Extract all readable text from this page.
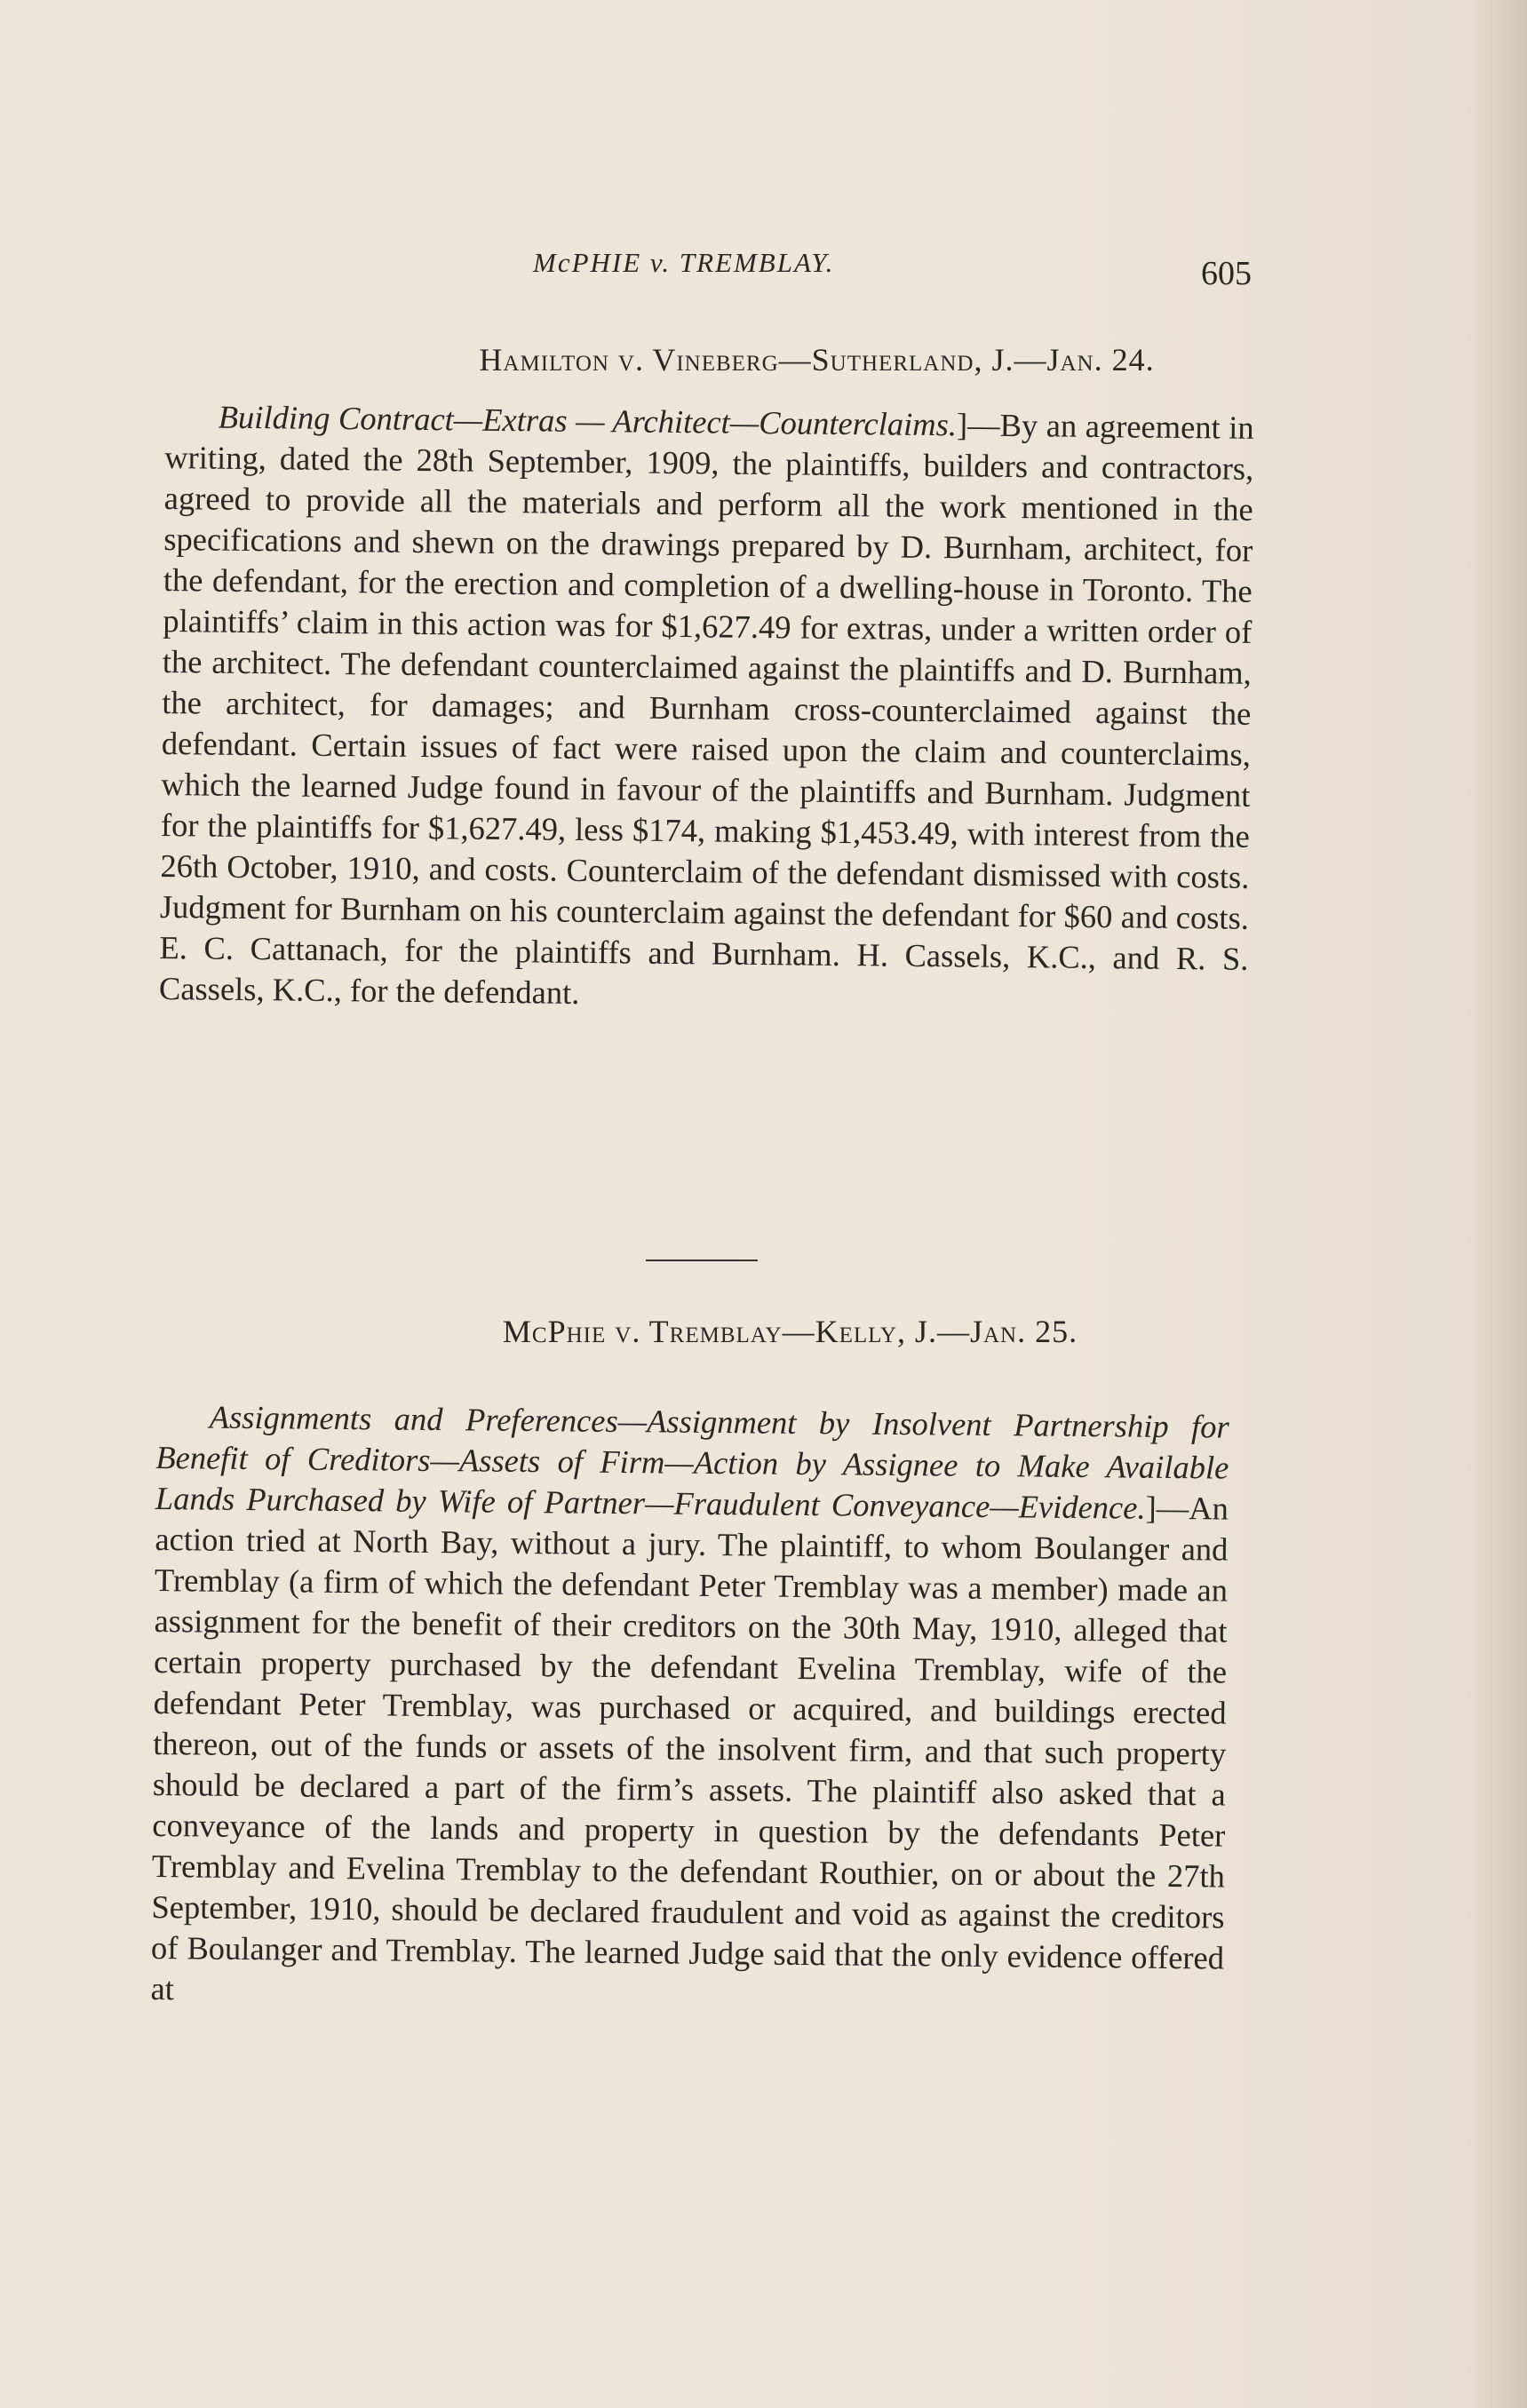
McPHIE v. TREMBLAY.	605
Hamilton v. Vineberg—Sutherland, J.—Jan. 24.

Building Contract—Extras — Architect—Counterclaims.]—By an agreement in writing, dated the 28th September, 1909, the plaintiffs, builders and contractors, agreed to provide all the materials and perform all the work mentioned in the specifications and shewn on the drawings prepared by D. Burnham, architect, for the defendant, for the erection and completion of a dwelling-house in Toronto. The plaintiffs’ claim in this action was for $1,627.49 for extras, under a written order of the architect. The defendant counterclaimed against the plaintiffs and D. Burnham, the architect, for damages; and Burnham cross-counterclaimed against the defendant. Certain issues of fact were raised upon the claim and counterclaims, which the learned Judge found in favour of the plaintiffs and Burnham. Judgment for the plaintiffs for $1,627.49, less $174, making $1,453.49, with interest from the 26th October, 1910, and costs. Counterclaim of the defendant dismissed with costs. Judgment for Burnham on his counterclaim against the defendant for $60 and costs. E. C. Cattanach, for the plaintiffs and Burnham. H. Cassels, K.C., and R. S. Cassels, K.C., for the defendant.

McPhie v. Tremblay—Kelly, J.—Jan. 25.

Assignments and Preferences—Assignment by Insolvent Partnership for Benefit of Creditors—Assets of Firm—Action by Assignee to Make Available Lands Purchased by Wife of Partner—Fraudulent Conveyance—Evidence.]—An action tried at North Bay, without a jury. The plaintiff, to whom Boulanger and Tremblay (a firm of which the defendant Peter Tremblay was a member) made an assignment for the benefit of their creditors on the 30th May, 1910, alleged that certain property purchased by the defendant Evelina Tremblay, wife of the defendant Peter Tremblay, was purchased or acquired, and buildings erected thereon, out of the funds or assets of the insolvent firm, and that such property should be declared a part of the firm’s assets. The plaintiff also asked that a conveyance of the lands and property in question by the defendants Peter Tremblay and Evelina Tremblay to the defendant Routhier, on or about the 27th September, 1910, should be declared fraudulent and void as against the creditors of Boulanger and Tremblay. The learned Judge said that the only evidence offered at
